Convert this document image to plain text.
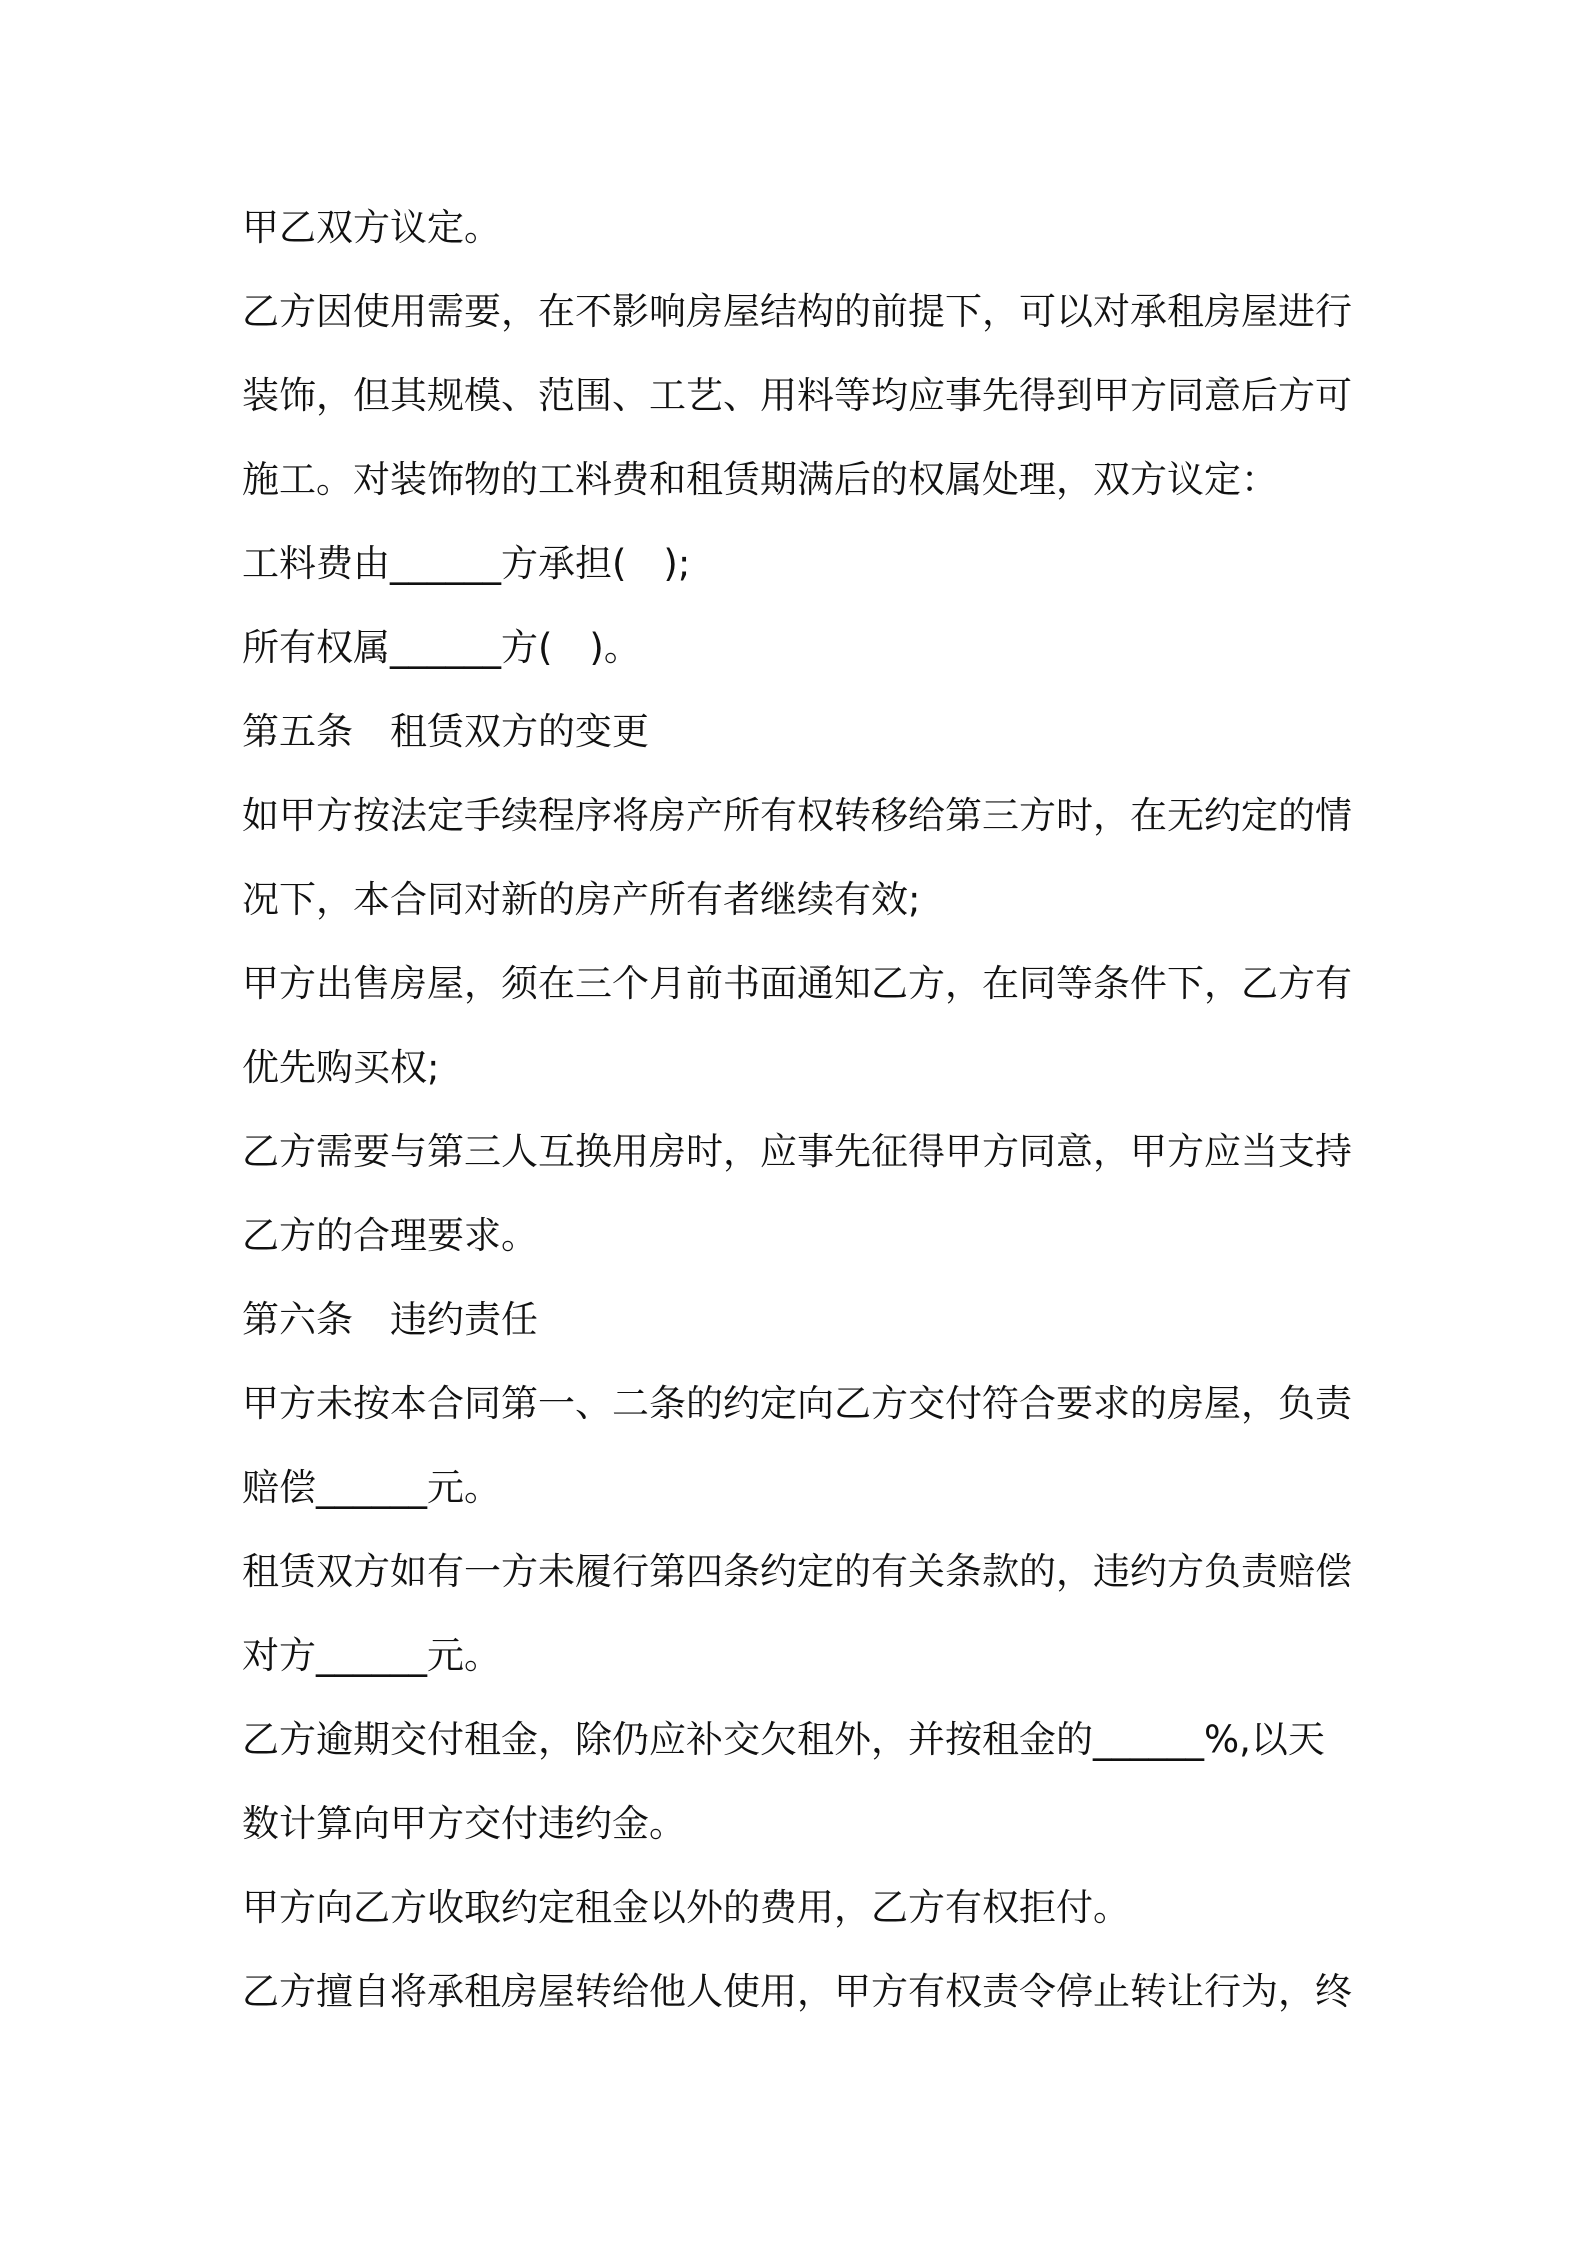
甲乙双方议定。
乙方因使用需要，在不影响房屋结构的前提下，可以对承租房屋进行
装饰，但其规模、范围、工艺、用料等均应事先得到甲方同意后方可
施工。对装饰物的工料费和租赁期满后的权属处理，双方议定：
工料费由______方承担(　);
所有权属______方(　)。
第五条　租赁双方的变更
如甲方按法定手续程序将房产所有权转移给第三方时，在无约定的情
况下，本合同对新的房产所有者继续有效;
甲方出售房屋，须在三个月前书面通知乙方，在同等条件下，乙方有
优先购买权;
乙方需要与第三人互换用房时，应事先征得甲方同意，甲方应当支持
乙方的合理要求。
第六条　违约责任
甲方未按本合同第一、二条的约定向乙方交付符合要求的房屋，负责
赔偿______元。
租赁双方如有一方未履行第四条约定的有关条款的，违约方负责赔偿
对方______元。
乙方逾期交付租金，除仍应补交欠租外，并按租金的______%,以天
数计算向甲方交付违约金。
甲方向乙方收取约定租金以外的费用，乙方有权拒付。
乙方擅自将承租房屋转给他人使用，甲方有权责令停止转让行为，终
